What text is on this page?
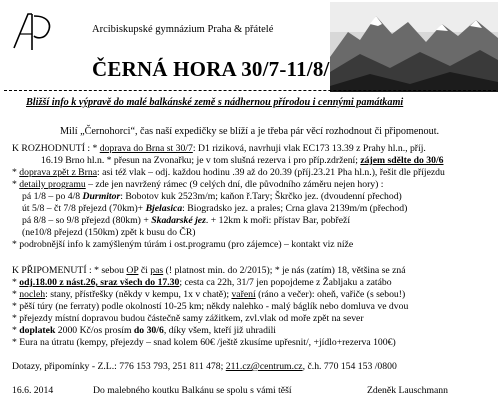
Arcibiskupské gymnázium Praha & přátelé
ČERNÁ HORA 30/7-11/8/
Bližší info k výpravě do malé balkánské země s nádhernou přírodou i cennými památkami
Milí „Černohorci“, čas naší expedičky se blíží a je třeba pár věcí rozhodnout či připomenout.
K ROZHODNUTÍ : * doprava do Brna st 30/7: D1 riziková, navrhuji vlak EC173 13.39 z Prahy hl.n., příj.
16.19 Brno hl.n. * přesun na Zvonařku; je v tom slušná rezerva i pro příp.zdržení; zájem sdělte do 30/6
* doprava zpět z Brna: asi též vlak – odj. každou hodinu .39 až do 20.39 (příj.23.21 Pha hl.n.), řešit dle příjezdu
* detaily programu – zde jen navržený rámec (9 celých dní, dle původního záměru nejen hory) :
pá 1/8 – po 4/8 Durmitor: Bobotov kuk 2523m/m; kaňon ř.Tary; Škrčko jez. (dvoudenní přechod)
út 5/8 – čt 7/8 přejezd (70km)+ Bjelasica: Biogradsko jez. a prales; Crna glava 2139m/m (přechod)
pá 8/8 – so 9/8 přejezd (80km) + Skadarské jez. + 12km k moři: přístav Bar, pobřeží
(ne10/8 přejezd (150km) zpět k busu do ČR)
* podrobnější info k zamýšleným túrám i ost.programu (pro zájemce) – kontakt viz níže
K PŘIPOMENUTÍ : * sebou OP či pas (! platnost min. do 2/2015); * je nás (zatím) 18, většina se zná
* odj.18.00 z nást.26, sraz všech do 17.30; cesta ca 22h, 31/7 jen popojdeme z Žabljaku a zatábo
* nocleh: stany, přístřešky (někdy v kempu, 1x v chatě); vaření (ráno a večer): oheň, vařiče (s sebou!)
* pěší túry (ne ferraty) podle okolností 10-25 km; někdy nalehko - malý báglík nebo domluva ve dvou
* přejezdy místní dopravou budou částečně samy zážitkem, zvl.vlak od moře zpět na sever
* doplatek 2000 Kč/os prosím do 30/6, díky všem, kteří již uhradili
* Eura na útratu (kempy, přejezdy – snad kolem 60€ /ještě zkusíme upřesnit/, +jídlo+rezerva 100€)
Dotazy, připomínky - Z.L.: 776 153 793, 251 811 478; 211.cz@centrum.cz, č.h. 770 154 153 /0800
16.6. 2014	Do malebného koutku Balkánu se spolu s vámi těší	Zdeněk Lauschmann
